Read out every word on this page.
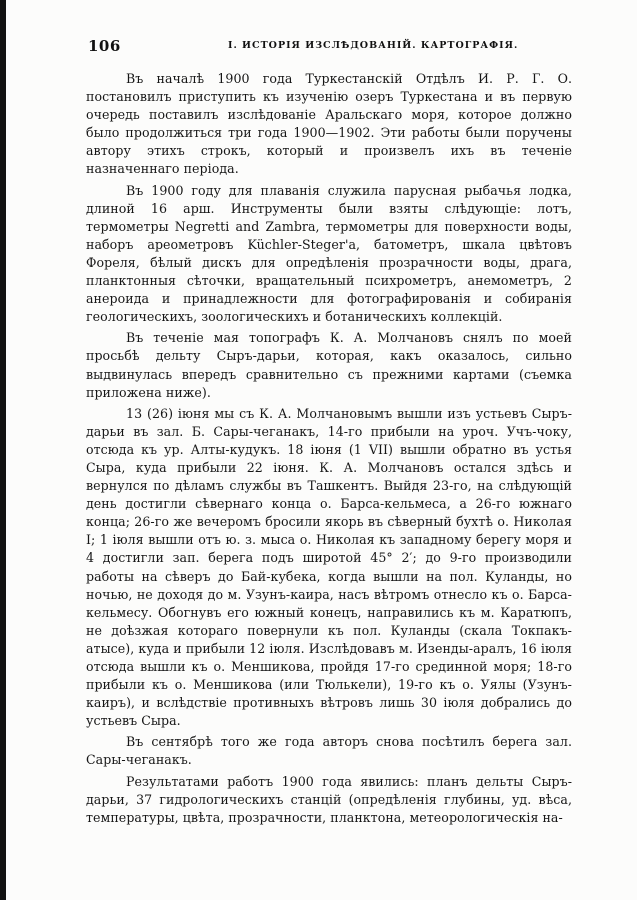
106	I. ИСТОРІЯ ИЗСЛѢДОВАНІЙ. КАРТОГРАФІЯ.

Въ началѣ 1900 года Туркестанскій Отдѣлъ И. Р. Г. О. постановилъ приступить къ изученію озеръ Туркестана и въ первую очередь поставилъ изслѣдованіе Аральскаго моря, которое должно было продолжиться три года 1900—1902. Эти работы были поручены автору этихъ строкъ, который и произвелъ ихъ въ теченіе назначеннаго періода.

Въ 1900 году для плаванія служила парусная рыбачья лодка, длиной 16 арш. Инструменты были взяты слѣдующіе: лотъ, термометры Negretti and Zambra, термометры для поверхности воды, наборъ ареометровъ Küchler-Steger'а, батометръ, шкала цвѣтовъ Фореля, бѣлый дискъ для опредѣленія прозрачности воды, драга, планктонныя сѣточки, вращательный психрометръ, анемометръ, 2 анероида и принадлежности для фотографированія и собиранія геологическихъ, зоологическихъ и ботаническихъ коллекцій.

Въ теченіе мая топографъ К. А. Молчановъ снялъ по моей просьбѣ дельту Сыръ-дарьи, которая, какъ оказалось, сильно выдвинулась впередъ сравнительно съ прежними картами (съемка приложена ниже).

13 (26) іюня мы съ К. А. Молчановымъ вышли изъ устьевъ Сыръ-дарьи въ зал. Б. Сары-чеганакъ, 14-го прибыли на уроч. Учъ-чоку, отсюда къ ур. Алты-кудукъ. 18 іюня (1 VII) вышли обратно въ устья Сыра, куда прибыли 22 іюня. К. А. Молчановъ остался здѣсь и вернулся по дѣламъ службы въ Ташкентъ. Выйдя 23-го, на слѣдующій день достигли сѣвернаго конца о. Барса-кельмеса, а 26-го южнаго конца; 26-го же вечеромъ бросили якорь въ сѣверный бухтѣ о. Николая I; 1 іюля вышли отъ ю. з. мыса о. Николая къ западному берегу моря и 4 достигли зап. берега подъ широтой 45° 2′; до 9-го производили работы на сѣверъ до Бай-кубека, когда вышли на пол. Куланды, но ночью, не доходя до м. Узунъ-каира, насъ вѣтромъ отнесло къ о. Барса-кельмесу. Обогнувъ его южный конецъ, направились къ м. Каратюпъ, не доѣзжая котораго повернули къ пол. Куланды (скала Токпакъ-атысе), куда и прибыли 12 іюля. Изслѣдовавъ м. Изенды-аралъ, 16 іюля отсюда вышли къ о. Меншикова, пройдя 17-го срединной моря; 18-го прибыли къ о. Меншикова (или Тюлькели), 19-го къ о. Уялы (Узунъ-каиръ), и вслѣдствіе противныхъ вѣтровъ лишь 30 іюля добрались до устьевъ Сыра.

Въ сентябрѣ того же года авторъ снова посѣтилъ берега зал. Сары-чеганакъ.

Результатами работъ 1900 года явились: планъ дельты Сыръ-дарьи, 37 гидрологическихъ станцій (опредѣленія глубины, уд. вѣса, температуры, цвѣта, прозрачности, планктона, метеорологическія на-
